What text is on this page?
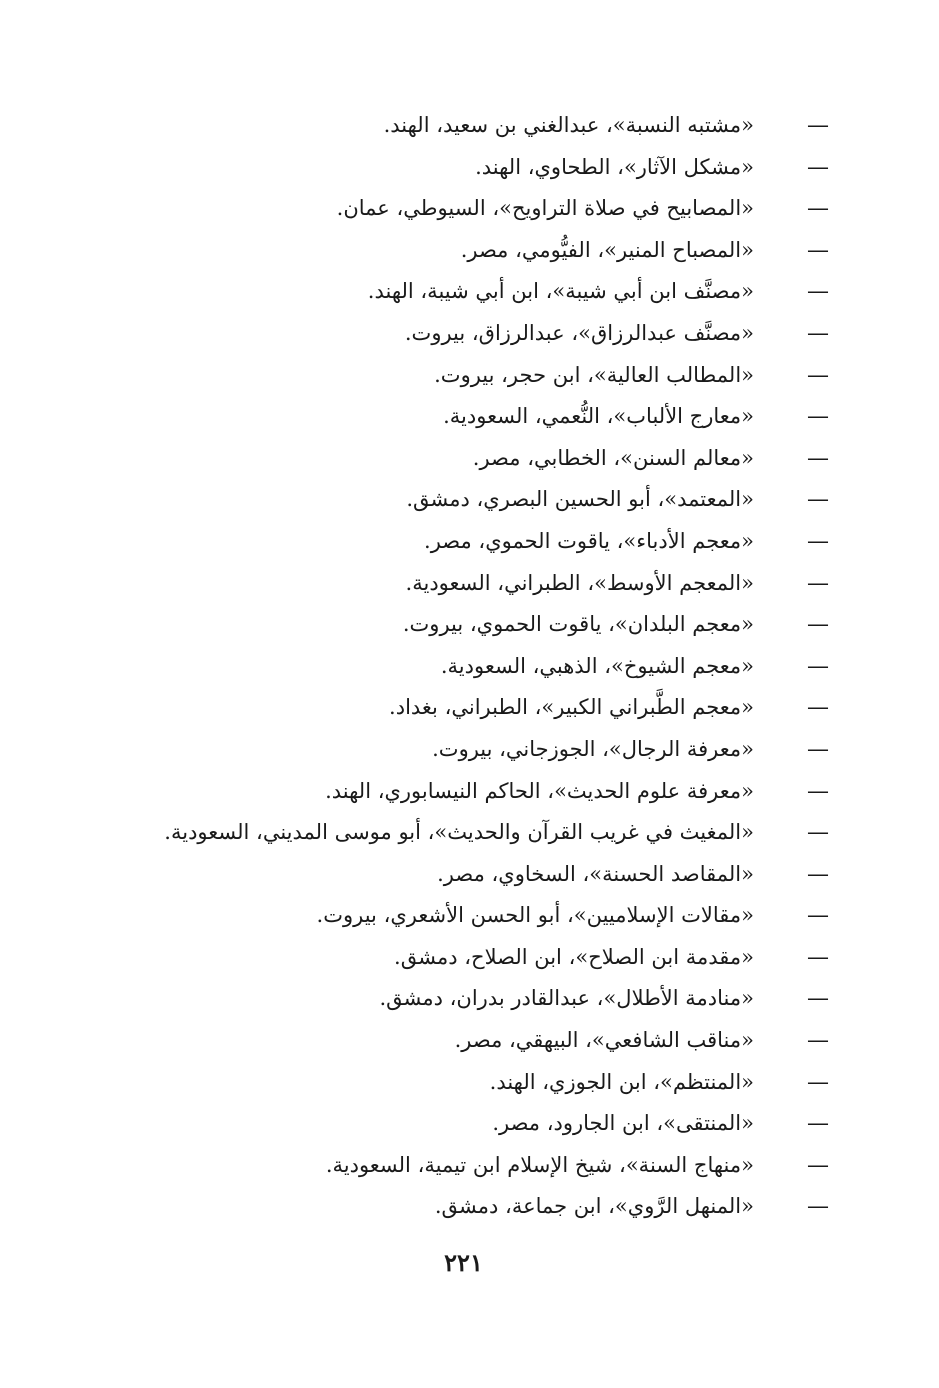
—
«مشتبه النسبة»، عبدالغني بن سعيد، الهند.
—
«مشكل الآثار»، الطحاوي، الهند.
—
«المصابيح في صلاة التراويح»، السيوطي، عمان.
—
«المصباح المنير»، الفيُّومي، مصر.
—
«مصنَّف ابن أبي شيبة»، ابن أبي شيبة، الهند.
—
«مصنَّف عبدالرزاق»، عبدالرزاق، بيروت.
—
«المطالب العالية»، ابن حجر، بيروت.
—
«معارج الألباب»، النُّعمي، السعودية.
—
«معالم السنن»، الخطابي، مصر.
—
«المعتمد»، أبو الحسين البصري، دمشق.
—
«معجم الأدباء»، ياقوت الحموي، مصر.
—
«المعجم الأوسط»، الطبراني، السعودية.
—
«معجم البلدان»، ياقوت الحموي، بيروت.
—
«معجم الشيوخ»، الذهبي، السعودية.
—
«معجم الطَّبراني الكبير»، الطبراني، بغداد.
—
«معرفة الرجال»، الجوزجاني، بيروت.
—
«معرفة علوم الحديث»، الحاكم النيسابوري، الهند.
—
«المغيث في غريب القرآن والحديث»، أبو موسى المديني، السعودية.
—
«المقاصد الحسنة»، السخاوي، مصر.
—
«مقالات الإسلاميين»، أبو الحسن الأشعري، بيروت.
—
«مقدمة ابن الصلاح»، ابن الصلاح، دمشق.
—
«منادمة الأطلال»، عبدالقادر بدران، دمشق.
—
«مناقب الشافعي»، البيهقي، مصر.
—
«المنتظم»، ابن الجوزي، الهند.
—
«المنتقى»، ابن الجارود، مصر.
—
«منهاج السنة»، شيخ الإسلام ابن تيمية، السعودية.
—
«المنهل الرَّوي»، ابن جماعة، دمشق.
٢٢١
